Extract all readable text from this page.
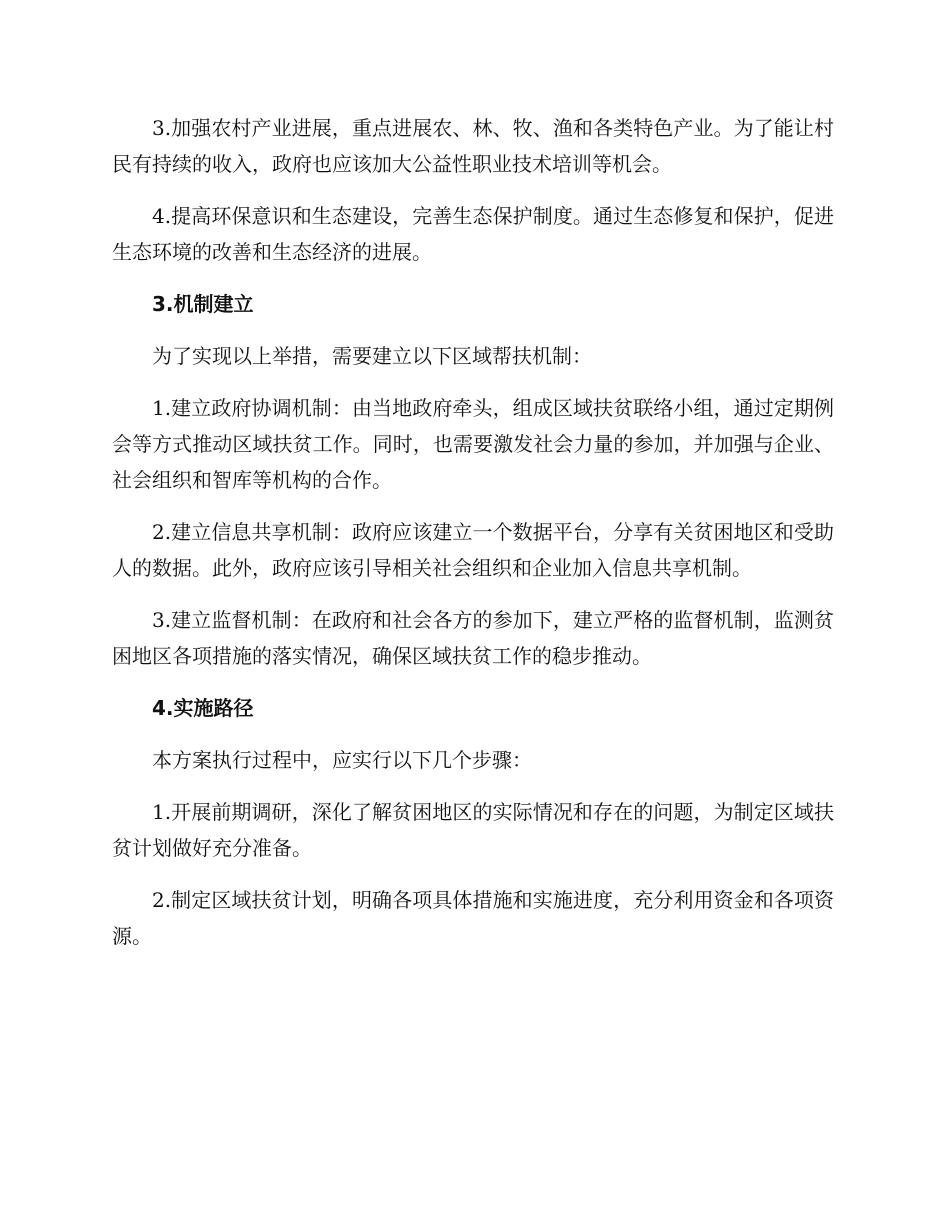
3.加强农村产业进展，重点进展农、林、牧、渔和各类特色产业。为了能让村民有持续的收入，政府也应该加大公益性职业技术培训等机会。

4.提高环保意识和生态建设，完善生态保护制度。通过生态修复和保护，促进生态环境的改善和生态经济的进展。

3.机制建立

为了实现以上举措，需要建立以下区域帮扶机制：

1.建立政府协调机制：由当地政府牵头，组成区域扶贫联络小组，通过定期例会等方式推动区域扶贫工作。同时，也需要激发社会力量的参加，并加强与企业、社会组织和智库等机构的合作。

2.建立信息共享机制：政府应该建立一个数据平台，分享有关贫困地区和受助人的数据。此外，政府应该引导相关社会组织和企业加入信息共享机制。

3.建立监督机制：在政府和社会各方的参加下，建立严格的监督机制，监测贫困地区各项措施的落实情况，确保区域扶贫工作的稳步推动。

4.实施路径

本方案执行过程中，应实行以下几个步骤：

1.开展前期调研，深化了解贫困地区的实际情况和存在的问题，为制定区域扶贫计划做好充分准备。

2.制定区域扶贫计划，明确各项具体措施和实施进度，充分利用资金和各项资源。
